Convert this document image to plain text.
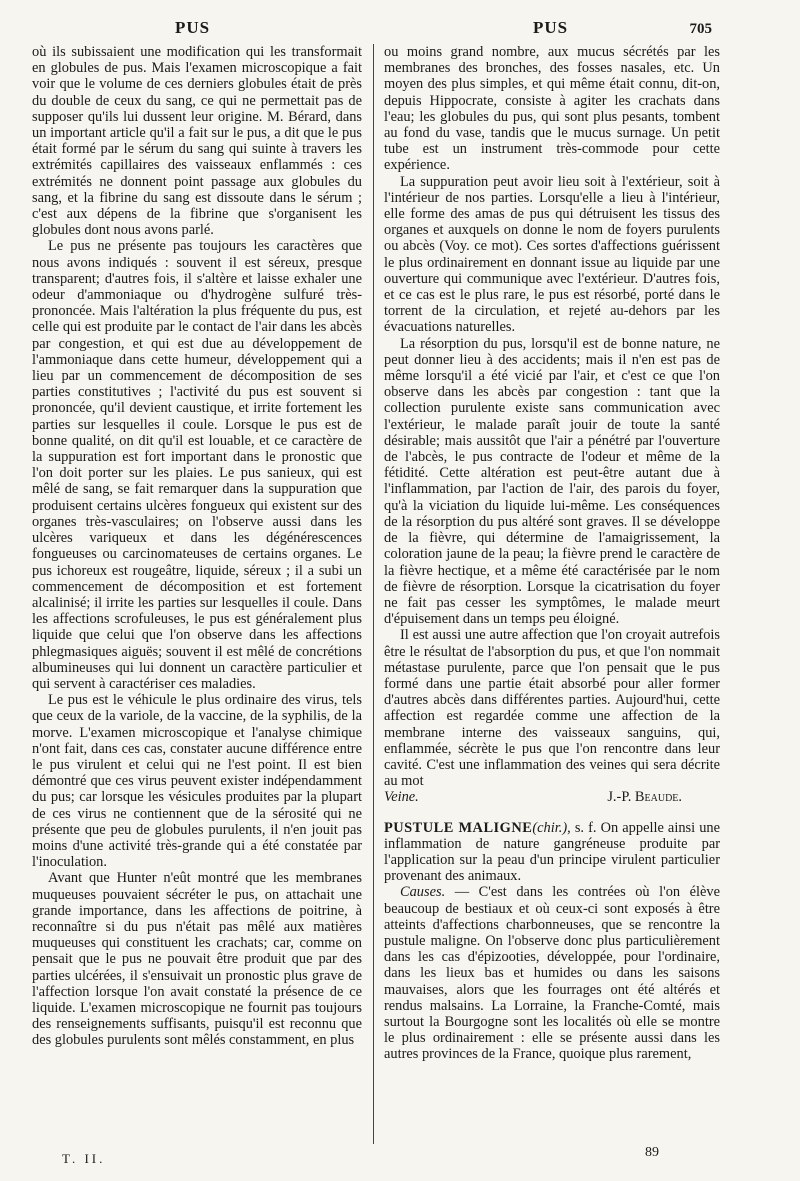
PUS	PUS	705

où ils subissaient une modification qui les transformait en globules de pus. Mais l'examen microscopique a fait voir que le volume de ces derniers globules était de près du double de ceux du sang, ce qui ne permettait pas de supposer qu'ils lui dussent leur origine. M. Bérard, dans un important article qu'il a fait sur le pus, a dit que le pus était formé par le sérum du sang qui suinte à travers les extrémités capillaires des vaisseaux enflammés : ces extrémités ne donnent point passage aux globules du sang, et la fibrine du sang est dissoute dans le sérum ; c'est aux dépens de la fibrine que s'organisent les globules dont nous avons parlé.

Le pus ne présente pas toujours les caractères que nous avons indiqués : souvent il est séreux, presque transparent; d'autres fois, il s'altère et laisse exhaler une odeur d'ammoniaque ou d'hydrogène sulfuré très-prononcée. Mais l'altération la plus fréquente du pus, est celle qui est produite par le contact de l'air dans les abcès par congestion, et qui est due au développement de l'ammoniaque dans cette humeur, développement qui a lieu par un commencement de décomposition de ses parties constitutives ; l'activité du pus est souvent si prononcée, qu'il devient caustique, et irrite fortement les parties sur lesquelles il coule. Lorsque le pus est de bonne qualité, on dit qu'il est louable, et ce caractère de la suppuration est fort important dans le pronostic que l'on doit porter sur les plaies. Le pus sanieux, qui est mêlé de sang, se fait remarquer dans la suppuration que produisent certains ulcères fongueux qui existent sur des organes très-vasculaires; on l'observe aussi dans les ulcères variqueux et dans les dégénérescences fongueuses ou carcinomateuses de certains organes. Le pus ichoreux est rougeâtre, liquide, séreux ; il a subi un commencement de décomposition et est fortement alcalinisé; il irrite les parties sur lesquelles il coule. Dans les affections scrofuleuses, le pus est généralement plus liquide que celui que l'on observe dans les affections phlegmasiques aiguës; souvent il est mêlé de concrétions albumineuses qui lui donnent un caractère particulier et qui servent à caractériser ces maladies.

Le pus est le véhicule le plus ordinaire des virus, tels que ceux de la variole, de la vaccine, de la syphilis, de la morve. L'examen microscopique et l'analyse chimique n'ont fait, dans ces cas, constater aucune différence entre le pus virulent et celui qui ne l'est point. Il est bien démontré que ces virus peuvent exister indépendamment du pus; car lorsque les vésicules produites par la plupart de ces virus ne contiennent que de la sérosité qui ne présente que peu de globules purulents, il n'en jouit pas moins d'une activité très-grande qui a été constatée par l'inoculation.

Avant que Hunter n'eût montré que les membranes muqueuses pouvaient sécréter le pus, on attachait une grande importance, dans les affections de poitrine, à reconnaître si du pus n'était pas mêlé aux matières muqueuses qui constituent les crachats; car, comme on pensait que le pus ne pouvait être produit que par des parties ulcérées, il s'ensuivait un pronostic plus grave de l'affection lorsque l'on avait constaté la présence de ce liquide. L'examen microscopique ne fournit pas toujours des renseignements suffisants, puisqu'il est reconnu que des globules purulents sont mêlés constamment, en plus

ou moins grand nombre, aux mucus sécrétés par les membranes des bronches, des fosses nasales, etc. Un moyen des plus simples, et qui même était connu, dit-on, depuis Hippocrate, consiste à agiter les crachats dans l'eau; les globules du pus, qui sont plus pesants, tombent au fond du vase, tandis que le mucus surnage. Un petit tube est un instrument très-commode pour cette expérience.

La suppuration peut avoir lieu soit à l'extérieur, soit à l'intérieur de nos parties. Lorsqu'elle a lieu à l'intérieur, elle forme des amas de pus qui détruisent les tissus des organes et auxquels on donne le nom de foyers purulents ou abcès (Voy. ce mot). Ces sortes d'affections guérissent le plus ordinairement en donnant issue au liquide par une ouverture qui communique avec l'extérieur. D'autres fois, et ce cas est le plus rare, le pus est résorbé, porté dans le torrent de la circulation, et rejeté au-dehors par les évacuations naturelles.

La résorption du pus, lorsqu'il est de bonne nature, ne peut donner lieu à des accidents; mais il n'en est pas de même lorsqu'il a été vicié par l'air, et c'est ce que l'on observe dans les abcès par congestion : tant que la collection purulente existe sans communication avec l'extérieur, le malade paraît jouir de toute la santé désirable; mais aussitôt que l'air a pénétré par l'ouverture de l'abcès, le pus contracte de l'odeur et même de la fétidité. Cette altération est peut-être autant due à l'inflammation, par l'action de l'air, des parois du foyer, qu'à la viciation du liquide lui-même. Les conséquences de la résorption du pus altéré sont graves. Il se développe de la fièvre, qui détermine de l'amaigrissement, la coloration jaune de la peau; la fièvre prend le caractère de la fièvre hectique, et a même été caractérisée par le nom de fièvre de résorption. Lorsque la cicatrisation du foyer ne fait pas cesser les symptômes, le malade meurt d'épuisement dans un temps peu éloigné.

Il est aussi une autre affection que l'on croyait autrefois être le résultat de l'absorption du pus, et que l'on nommait métastase purulente, parce que l'on pensait que le pus formé dans une partie était absorbé pour aller former d'autres abcès dans différentes parties. Aujourd'hui, cette affection est regardée comme une affection de la membrane interne des vaisseaux sanguins, qui, enflammée, sécrète le pus que l'on rencontre dans leur cavité. C'est une inflammation des veines qui sera décrite au mot

Veine.	J.-P. Beaude.

PUSTULE MALIGNE(chir.), s. f. On appelle ainsi une inflammation de nature gangréneuse produite par l'application sur la peau d'un principe virulent particulier provenant des animaux.

Causes. — C'est dans les contrées où l'on élève beaucoup de bestiaux et où ceux-ci sont exposés à être atteints d'affections charbonneuses, que se rencontre la pustule maligne. On l'observe donc plus particulièrement dans les cas d'épizooties, développée, pour l'ordinaire, dans les lieux bas et humides ou dans les saisons mauvaises, alors que les fourrages ont été altérés et rendus malsains. La Lorraine, la Franche-Comté, mais surtout la Bourgogne sont les localités où elle se montre le plus ordinairement : elle se présente aussi dans les autres provinces de la France, quoique plus rarement,

T. II.	89
